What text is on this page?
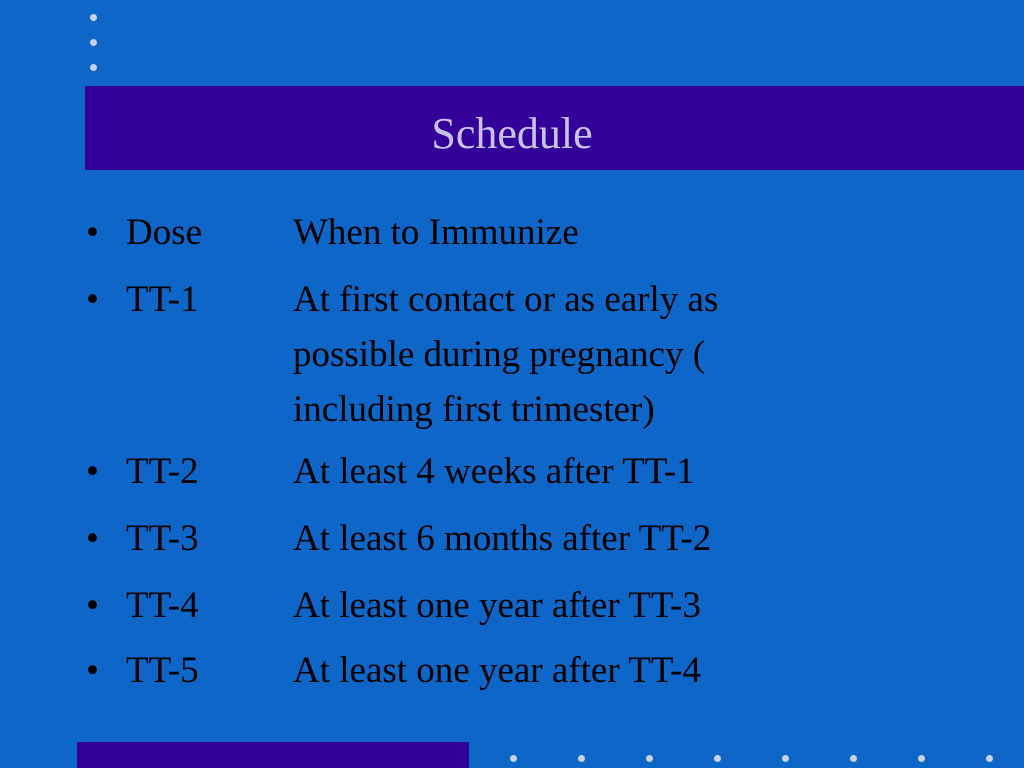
Schedule
• Dose When to Immunize
• TT-1	At first contact or as early as
possible during pregnancy (
including first trimester)
• TT-2	At least 4 weeks after TT-1
• TT-3	At least 6 months after TT-2
• TT-4	At least one year after TT-3
• TT-5	At least one year after TT-4
